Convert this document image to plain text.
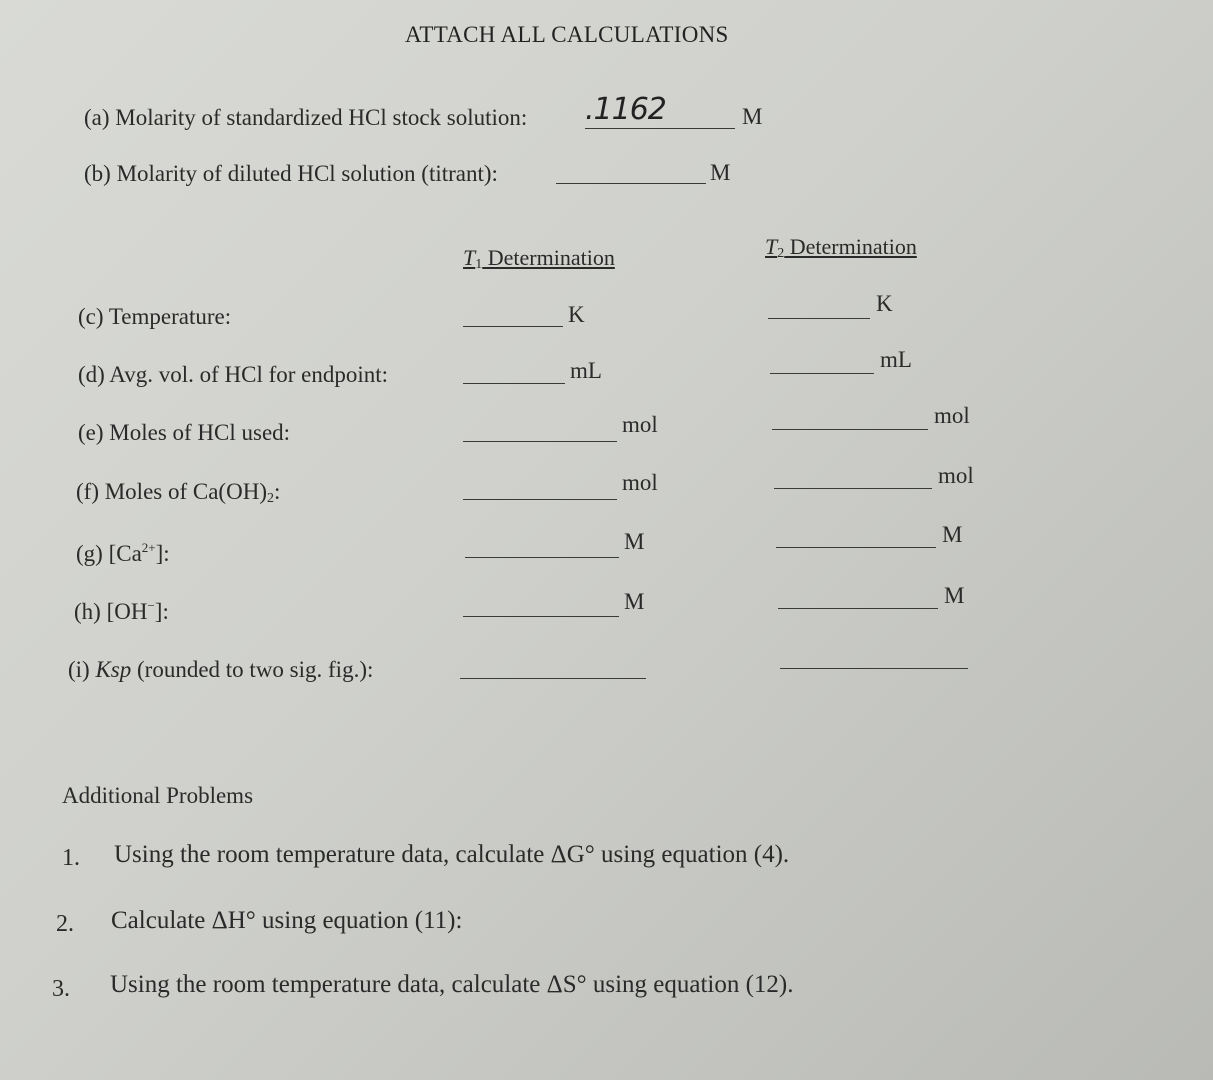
ATTACH ALL CALCULATIONS
(a) Molarity of standardized HCl stock solution: .1162	M
(b) Molarity of diluted HCl solution (titrant):	M
$T_1$ Determination	$T_2$ Determination
(c) Temperature:	K	K
(d) Avg. vol. of HCl for endpoint:	mL	mL
(e) Moles of HCl used:	mol	mol
(f) Moles of $Ca(OH)_2$:	mol	mol
(g) $[Ca^{2+}]$:	M	M
(h) [OH−]:	M	M
(i) Ksp (rounded to two sig. fig.):
Additional Problems
1. Using the room temperature data, calculate ΔG° using equation (4).
2. Calculate ΔH° using equation (11):
3. Using the room temperature data, calculate ΔS° using equation (12).
